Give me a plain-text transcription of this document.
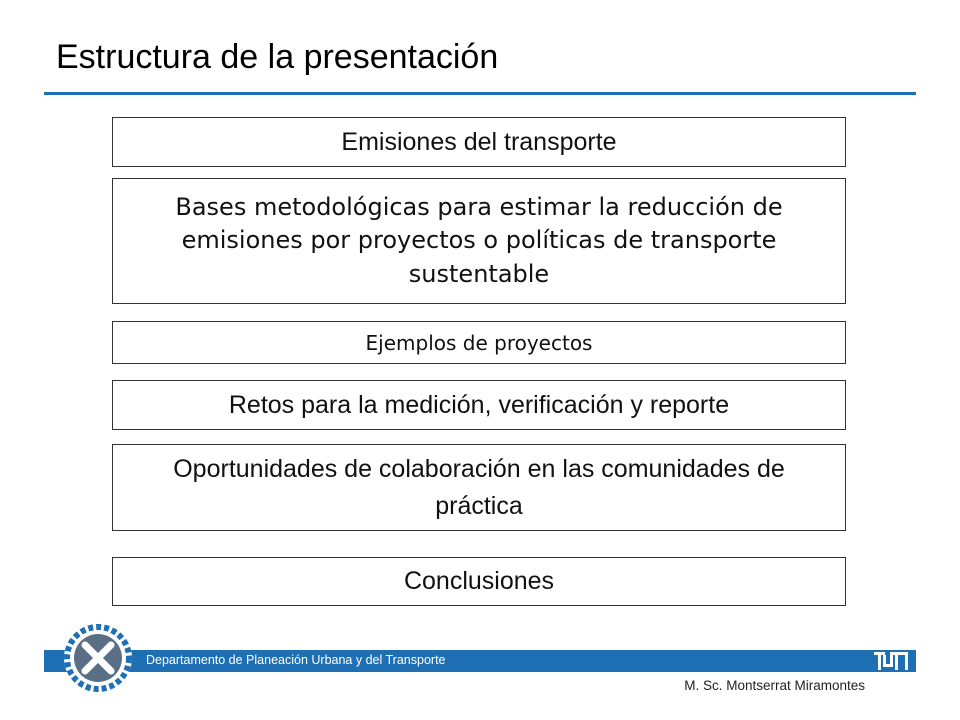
Estructura de la presentación
Emisiones del transporte
Bases metodológicas para estimar la reducción de emisiones por proyectos o políticas de transporte sustentable
Ejemplos de proyectos
Retos para la medición, verificación y reporte
Oportunidades de colaboración en las comunidades de práctica
Conclusiones
Departamento de Planeación Urbana y del Transporte
M. Sc. Montserrat Miramontes
